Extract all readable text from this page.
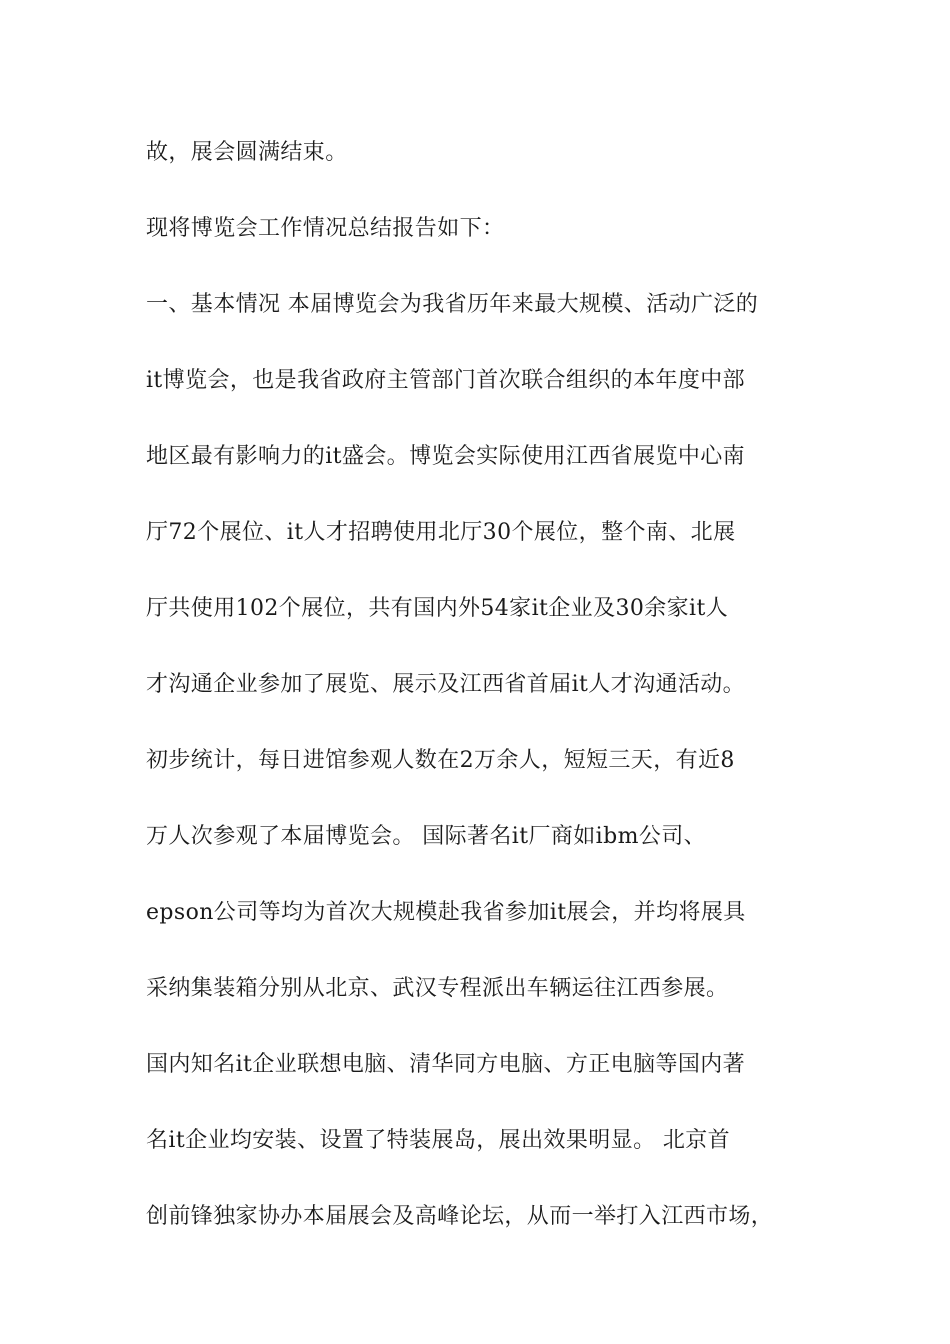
故，展会圆满结束。
现将博览会工作情况总结报告如下：
一、基本情况 本届博览会为我省历年来最大规模、活动广泛的
it博览会，也是我省政府主管部门首次联合组织的本年度中部
地区最有影响力的it盛会。博览会实际使用江西省展览中心南
厅72个展位、it人才招聘使用北厅30个展位，整个南、北展
厅共使用102个展位，共有国内外54家it企业及30余家it人
才沟通企业参加了展览、展示及江西省首届it人才沟通活动。
初步统计，每日进馆参观人数在2万余人，短短三天，有近8
万人次参观了本届博览会。 国际著名it厂商如ibm公司、
epson公司等均为首次大规模赴我省参加it展会，并均将展具
采纳集装箱分别从北京、武汉专程派出车辆运往江西参展。
国内知名it企业联想电脑、清华同方电脑、方正电脑等国内著
名it企业均安装、设置了特装展岛，展出效果明显。 北京首
创前锋独家协办本届展会及高峰论坛，从而一举打入江西市场，
